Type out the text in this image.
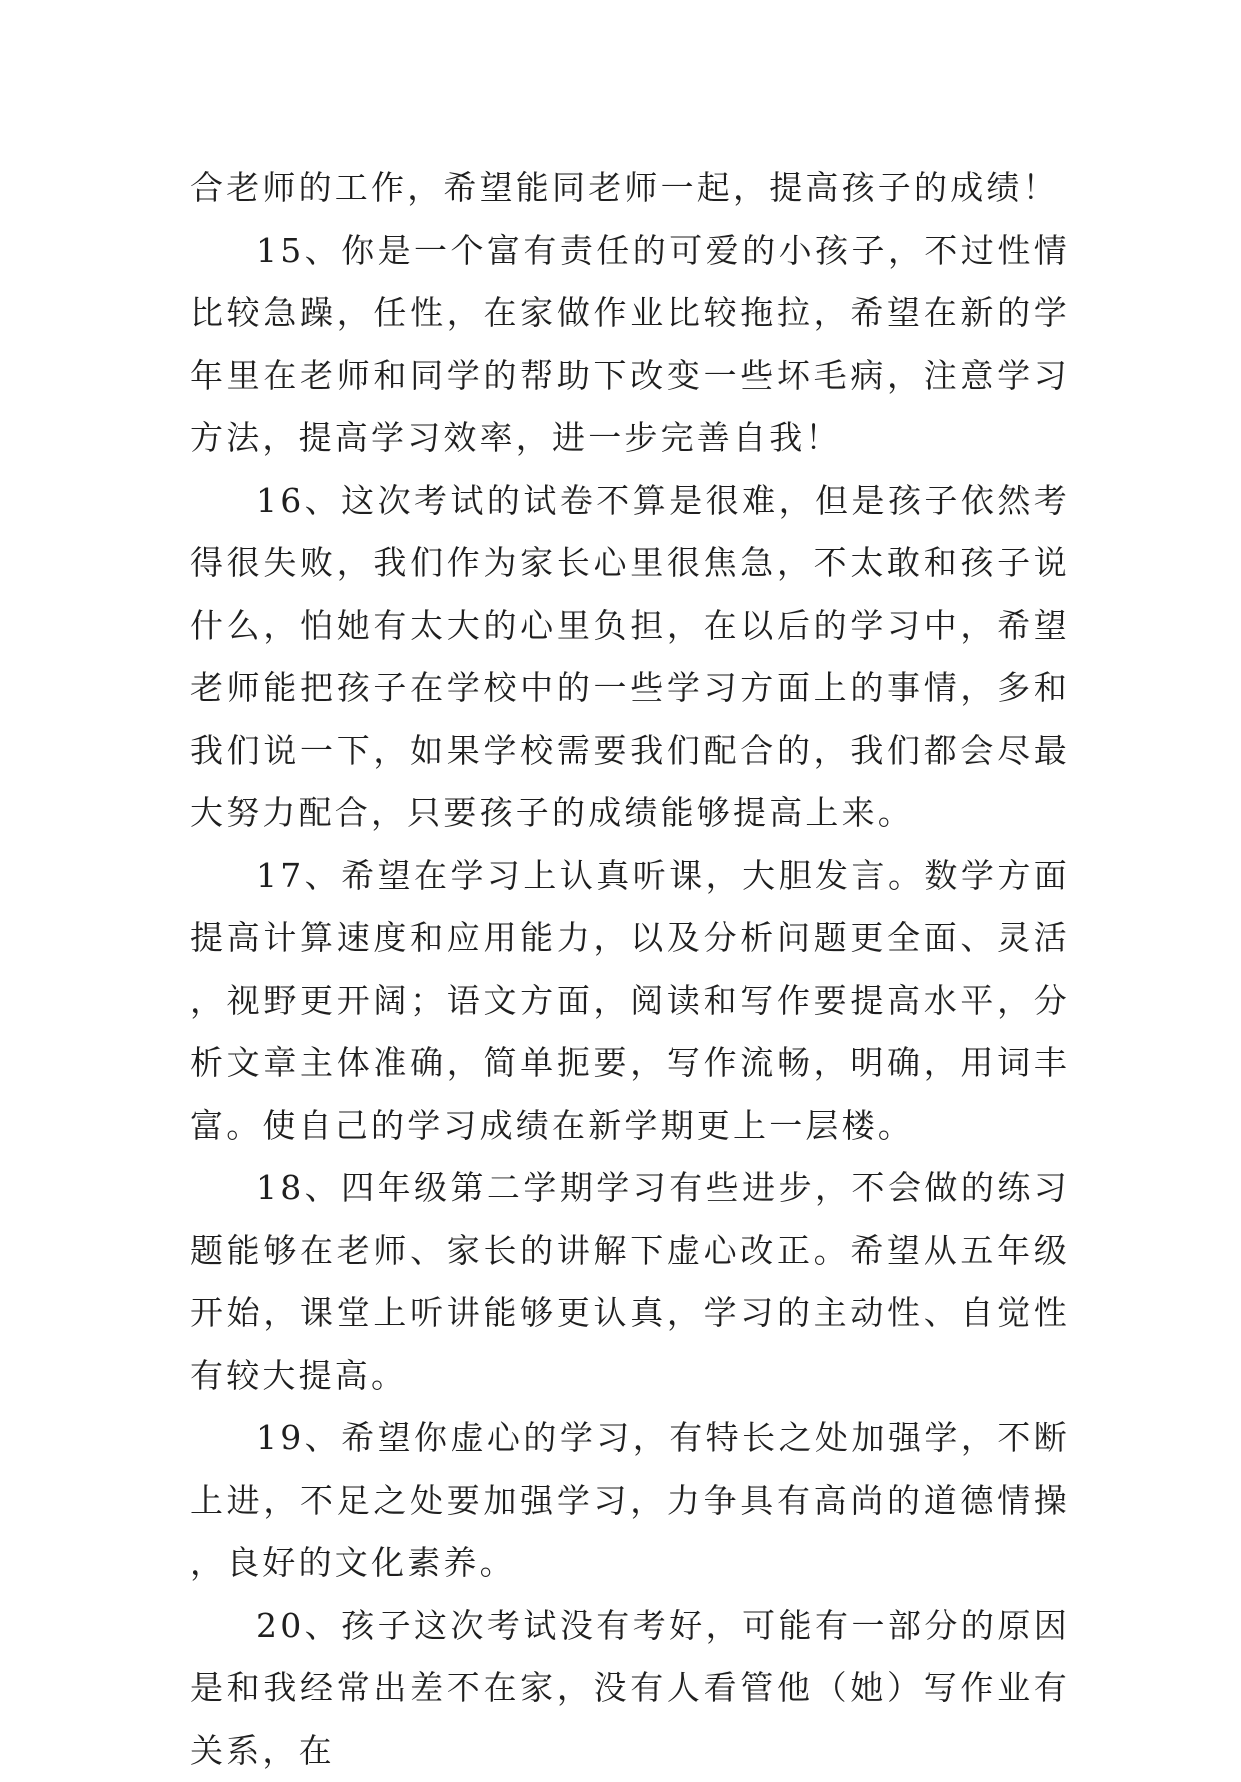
合老师的工作，希望能同老师一起，提高孩子的成绩！

15、你是一个富有责任的可爱的小孩子，不过性情比较急躁，任性，在家做作业比较拖拉，希望在新的学年里在老师和同学的帮助下改变一些坏毛病，注意学习方法，提高学习效率，进一步完善自我！

16、这次考试的试卷不算是很难，但是孩子依然考得很失败，我们作为家长心里很焦急，不太敢和孩子说什么，怕她有太大的心里负担，在以后的学习中，希望老师能把孩子在学校中的一些学习方面上的事情，多和我们说一下，如果学校需要我们配合的，我们都会尽最大努力配合，只要孩子的成绩能够提高上来。

17、希望在学习上认真听课，大胆发言。数学方面提高计算速度和应用能力，以及分析问题更全面、灵活，视野更开阔；语文方面，阅读和写作要提高水平，分析文章主体准确，简单扼要，写作流畅，明确，用词丰富。使自己的学习成绩在新学期更上一层楼。

18、四年级第二学期学习有些进步，不会做的练习题能够在老师、家长的讲解下虚心改正。希望从五年级开始，课堂上听讲能够更认真，学习的主动性、自觉性有较大提高。

19、希望你虚心的学习，有特长之处加强学，不断上进，不足之处要加强学习，力争具有高尚的道德情操，良好的文化素养。

20、孩子这次考试没有考好，可能有一部分的原因是和我经常出差不在家，没有人看管他（她）写作业有关系，在
